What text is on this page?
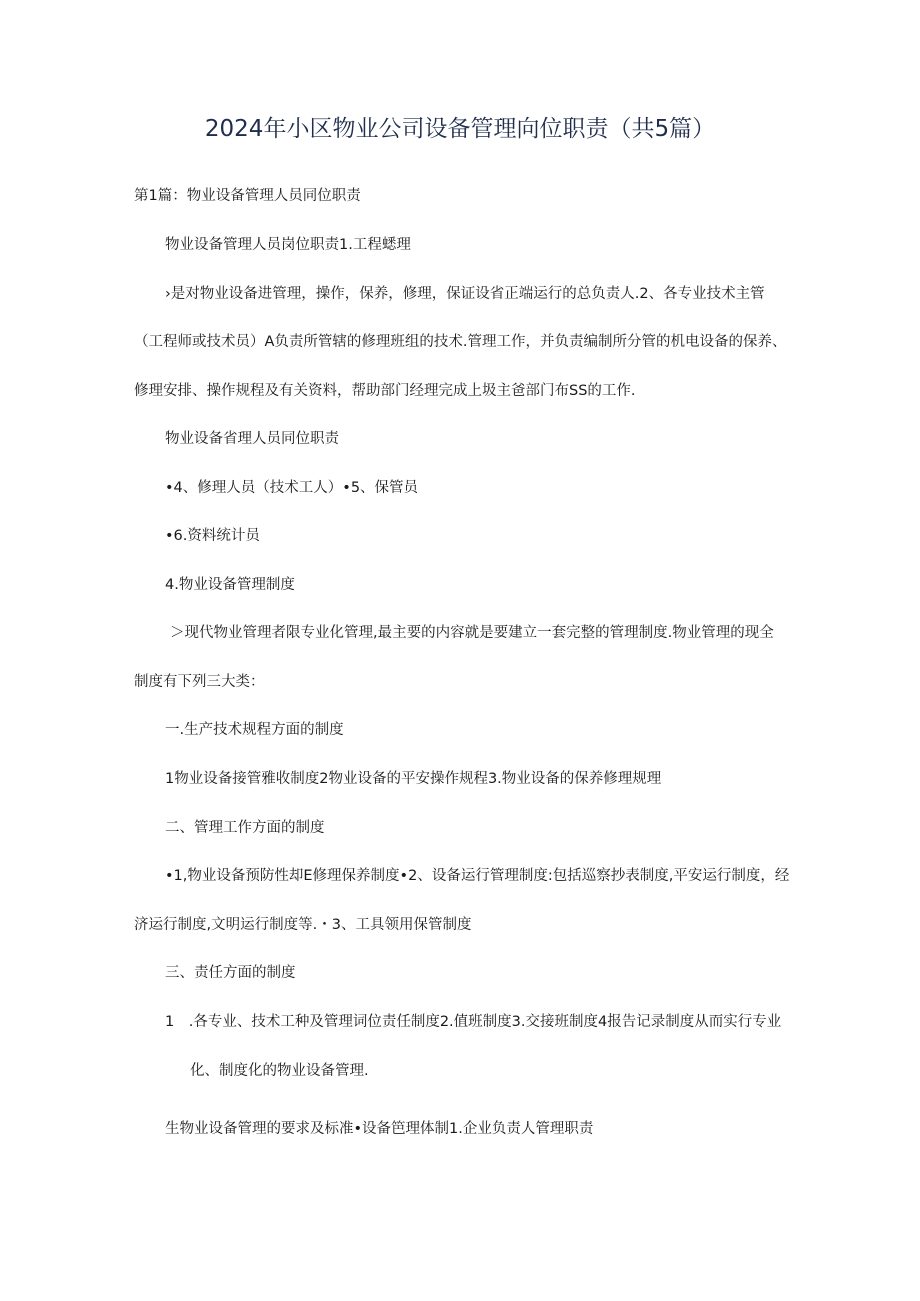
2024年小区物业公司设备管理向位职责（共5篇）
第1篇：物业设备管理人员同位职责
物业设备管理人员岗位职责1.工程蟋理
›是对物业设备进管理，操作，保养，修理，保证设省正端运行的总负责人.2、各专业技术主管
（工程师或技术员）A负责所管辖的修理班组的技术.管理工作，并负责编制所分管的机电设备的保养、
修理安排、操作规程及有关资料，帮助部门经理完成上圾主爸部门布SS的工作.
物业设备省理人员同位职责
•4、修理人员（技术工人）•5、保管员
•6.资料统计员
4.物业设备管理制度
＞现代物业管理者限专业化管理,最主要的内容就是要建立一套完整的管理制度.物业管理的现全
制度有下列三大类：
一.生产技术规程方面的制度
1物业设备接管雅收制度2物业设备的平安操作规程3.物业设备的保养修理规理
二、管理工作方面的制度
•1,物业设备预防性却E修理保养制度•2、设备运行管理制度:包括巡察抄表制度,平安运行制度，经
济运行制度,文明运行制度等.・3、工具领用保管制度
三、责任方面的制度
1　.各专业、技术工种及管理词位责任制度2.值班制度3.交接班制度4报告记录制度从而实行专业
化、制度化的物业设备管理.
生物业设备管理的要求及标准•设备笆理体制1.企业负责人管理职责
